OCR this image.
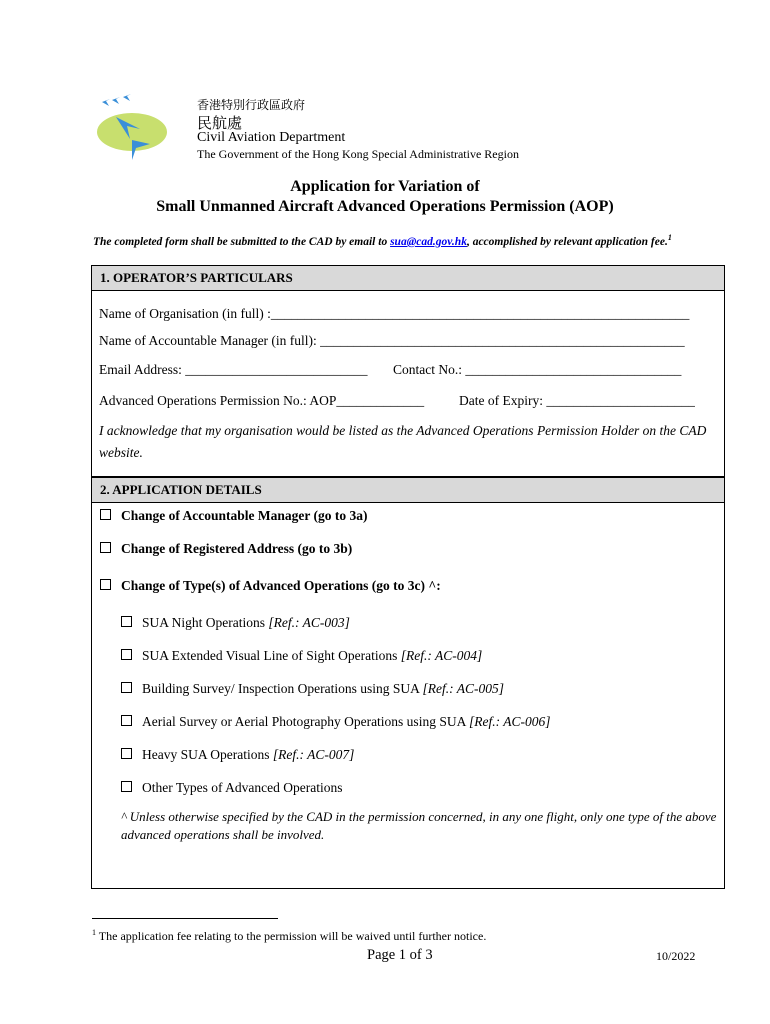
香港特別行政區政府
民航處
Civil Aviation Department
The Government of the Hong Kong Special Administrative Region
Application for Variation of
Small Unmanned Aircraft Advanced Operations Permission (AOP)
The completed form shall be submitted to the CAD by email to sua@cad.gov.hk, accomplished by relevant application fee.$^1$
1. OPERATOR’S PARTICULARS
Name of Organisation (in full) :______________________________________________________________
Name of Accountable Manager (in full): ______________________________________________________
Email Address: ___________________________ Contact No.: ________________________________
Advanced Operations Permission No.: AOP_____________	Date of Expiry: ______________________
I acknowledge that my organisation would be listed as the Advanced Operations Permission Holder on the CAD website.
2. APPLICATION DETAILS
Change of Accountable Manager (go to 3a)
Change of Registered Address (go to 3b)
Change of Type(s) of Advanced Operations (go to 3c) ^:
SUA Night Operations [Ref.: AC-003]
SUA Extended Visual Line of Sight Operations [Ref.: AC-004]
Building Survey/ Inspection Operations using SUA [Ref.: AC-005]
Aerial Survey or Aerial Photography Operations using SUA [Ref.: AC-006]
Heavy SUA Operations [Ref.: AC-007]
Other Types of Advanced Operations
^ Unless otherwise specified by the CAD in the permission concerned, in any one flight, only one type of the above advanced operations shall be involved.
$^1$ The application fee relating to the permission will be waived until further notice.
Page 1 of 3	10/2022
